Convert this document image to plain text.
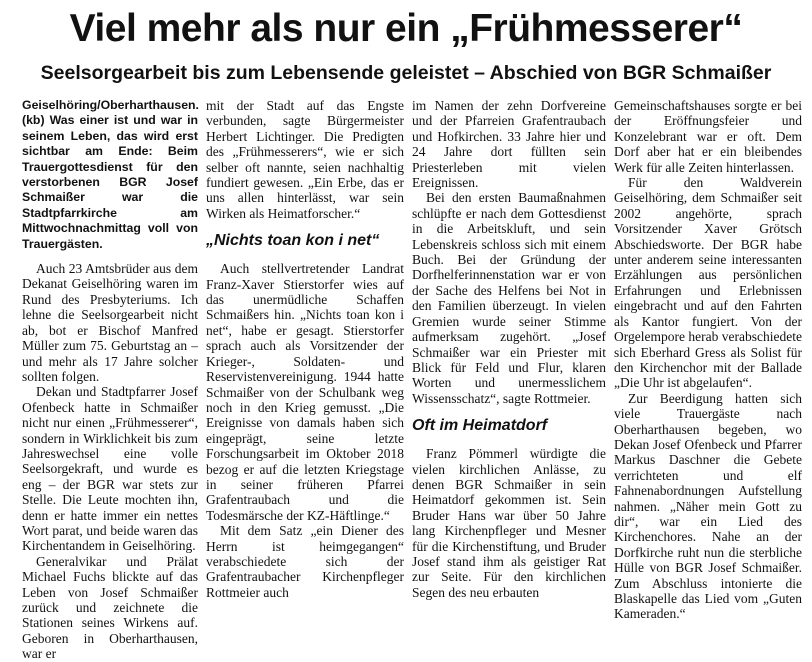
Viel mehr als nur ein „Frühmesserer“
Seelsorgearbeit bis zum Lebensende geleistet – Abschied von BGR Schmaißer

Geiselhöring/Oberharthausen. (kb) Was einer ist und war in seinem Leben, das wird erst sichtbar am Ende: Beim Trauergottesdienst für den verstorbenen BGR Josef Schmaißer war die Stadtpfarrkirche am Mittwochnachmittag voll von Trauergästen.

Auch 23 Amtsbrüder aus dem Dekanat Geiselhöring waren im Rund des Presbyteriums. Ich lehne die Seelsorgearbeit nicht ab, bot er Bischof Manfred Müller zum 75. Geburtstag an – und mehr als 17 Jahre solcher sollten folgen.

Dekan und Stadtpfarrer Josef Ofenbeck hatte in Schmaißer nicht nur einen „Frühmesserer“, sondern in Wirklichkeit bis zum Jahreswechsel eine volle Seelsorgekraft, und wurde es eng – der BGR war stets zur Stelle. Die Leute mochten ihn, denn er hatte immer ein nettes Wort parat, und beide waren das Kirchentandem in Geiselhöring.

Generalvikar und Prälat Michael Fuchs blickte auf das Leben von Josef Schmaißer zurück und zeichnete die Stationen seines Wirkens auf. Geboren in Oberharthausen, war er

mit der Stadt auf das Engste verbunden, sagte Bürgermeister Herbert Lichtinger. Die Predigten des „Frühmesserers“, wie er sich selber oft nannte, seien nachhaltig fundiert gewesen. „Ein Erbe, das er uns allen hinterlässt, war sein Wirken als Heimatforscher.“

„Nichts toan kon i net“

Auch stellvertretender Landrat Franz-Xaver Stierstorfer wies auf das unermüdliche Schaffen Schmaißers hin. „Nichts toan kon i net“, habe er gesagt. Stierstorfer sprach auch als Vorsitzender der Krieger-, Soldaten- und Reservistenvereinigung. 1944 hatte Schmaißer von der Schulbank weg noch in den Krieg gemusst. „Die Ereignisse von damals haben sich eingeprägt, seine letzte Forschungsarbeit im Oktober 2018 bezog er auf die letzten Kriegstage in seiner früheren Pfarrei Grafentraubach und die Todesmärsche der KZ-Häftlinge.“

Mit dem Satz „ein Diener des Herrn ist heimgegangen“ verabschiedete sich der Grafentraubacher Kirchenpfleger Rottmeier auch

im Namen der zehn Dorfvereine und der Pfarreien Grafentraubach und Hofkirchen. 33 Jahre hier und 24 Jahre dort füllten sein Priesterleben mit vielen Ereignissen.

Bei den ersten Baumaßnahmen schlüpfte er nach dem Gottesdienst in die Arbeitskluft, und sein Lebenskreis schloss sich mit einem Buch. Bei der Gründung der Dorfhelferinnenstation war er von der Sache des Helfens bei Not in den Familien überzeugt. In vielen Gremien wurde seiner Stimme aufmerksam zugehört. „Josef Schmaißer war ein Priester mit Blick für Feld und Flur, klaren Worten und unermesslichem Wissensschatz“, sagte Rottmeier.

Oft im Heimatdorf

Franz Pömmerl würdigte die vielen kirchlichen Anlässe, zu denen BGR Schmaißer in sein Heimatdorf gekommen ist. Sein Bruder Hans war über 50 Jahre lang Kirchenpfleger und Mesner für die Kirchenstiftung, und Bruder Josef stand ihm als geistiger Rat zur Seite. Für den kirchlichen Segen des neu erbauten

Gemeinschaftshauses sorgte er bei der Eröffnungsfeier und Konzelebrant war er oft. Dem Dorf aber hat er ein bleibendes Werk für alle Zeiten hinterlassen.

Für den Waldverein Geiselhöring, dem Schmaißer seit 2002 angehörte, sprach Vorsitzender Xaver Grötsch Abschiedsworte. Der BGR habe unter anderem seine interessanten Erzählungen aus persönlichen Erfahrungen und Erlebnissen eingebracht und auf den Fahrten als Kantor fungiert. Von der Orgelempore herab verabschiedete sich Eberhard Gress als Solist für den Kirchenchor mit der Ballade „Die Uhr ist abgelaufen“.

Zur Beerdigung hatten sich viele Trauergäste nach Oberharthausen begeben, wo Dekan Josef Ofenbeck und Pfarrer Markus Daschner die Gebete verrichteten und elf Fahnenabordnungen Aufstellung nahmen. „Näher mein Gott zu dir“, war ein Lied des Kirchenchores. Nahe an der Dorfkirche ruht nun die sterbliche Hülle von BGR Josef Schmaißer. Zum Abschluss intonierte die Blaskapelle das Lied vom „Guten Kameraden.“
